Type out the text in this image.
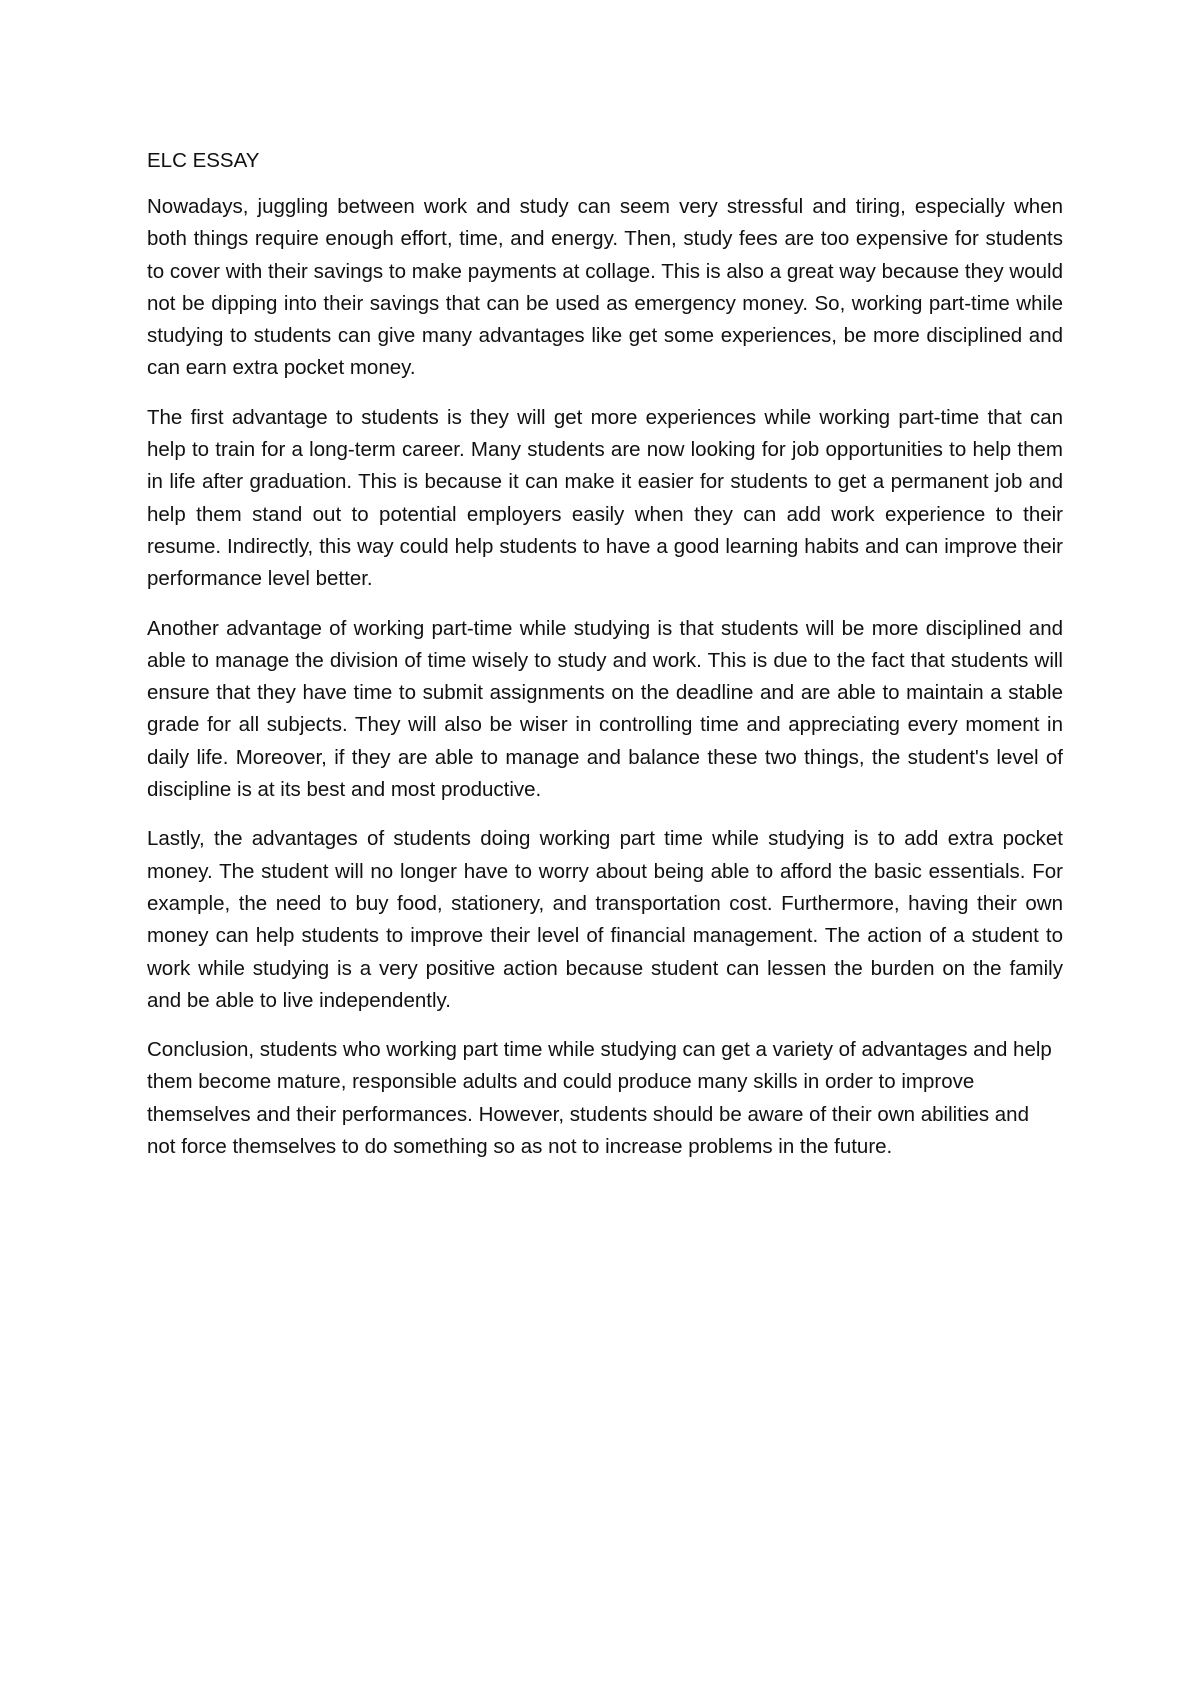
ELC ESSAY

Nowadays, juggling between work and study can seem very stressful and tiring, especially when both things require enough effort, time, and energy. Then, study fees are too expensive for students to cover with their savings to make payments at collage. This is also a great way because they would not be dipping into their savings that can be used as emergency money. So, working part-time while studying to students can give many advantages like get some experiences, be more disciplined and can earn extra pocket money.

The first advantage to students is they will get more experiences while working part-time that can help to train for a long-term career. Many students are now looking for job opportunities to help them in life after graduation. This is because it can make it easier for students to get a permanent job and help them stand out to potential employers easily when they can add work experience to their resume. Indirectly, this way could help students to have a good learning habits and can improve their performance level better.

Another advantage of working part-time while studying is that students will be more disciplined and able to manage the division of time wisely to study and work. This is due to the fact that students will ensure that they have time to submit assignments on the deadline and are able to maintain a stable grade for all subjects. They will also be wiser in controlling time and appreciating every moment in daily life. Moreover, if they are able to manage and balance these two things, the student's level of discipline is at its best and most productive.

Lastly, the advantages of students doing working part time while studying is to add extra pocket money. The student will no longer have to worry about being able to afford the basic essentials. For example, the need to buy food, stationery, and transportation cost. Furthermore, having their own money can help students to improve their level of financial management. The action of a student to work while studying is a very positive action because student can lessen the burden on the family and be able to live independently.

Conclusion, students who working part time while studying can get a variety of advantages and help them become mature, responsible adults and could produce many skills in order to improve themselves and their performances. However, students should be aware of their own abilities and not force themselves to do something so as not to increase problems in the future.
